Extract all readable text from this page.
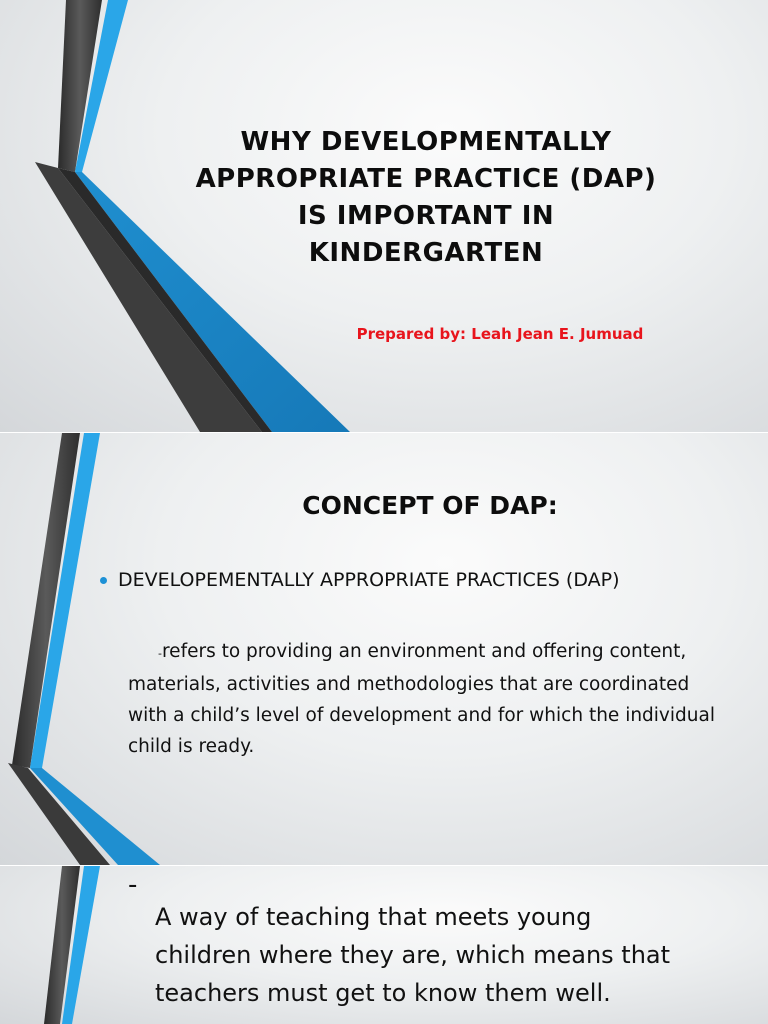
WHY DEVELOPMENTALLY
APPROPRIATE PRACTICE (DAP)
IS IMPORTANT IN
KINDERGARTEN

Prepared by: Leah Jean E. Jumuad

CONCEPT OF DAP:
DEVELOPEMENTALLY APPROPRIATE PRACTICES (DAP)

-refers to providing an environment and offering content, materials, activities and methodologies that are coordinated with a child’s level of development and for which the individual child is ready.

-

A way of teaching that meets young children where they are, which means that teachers must get to know them well.
